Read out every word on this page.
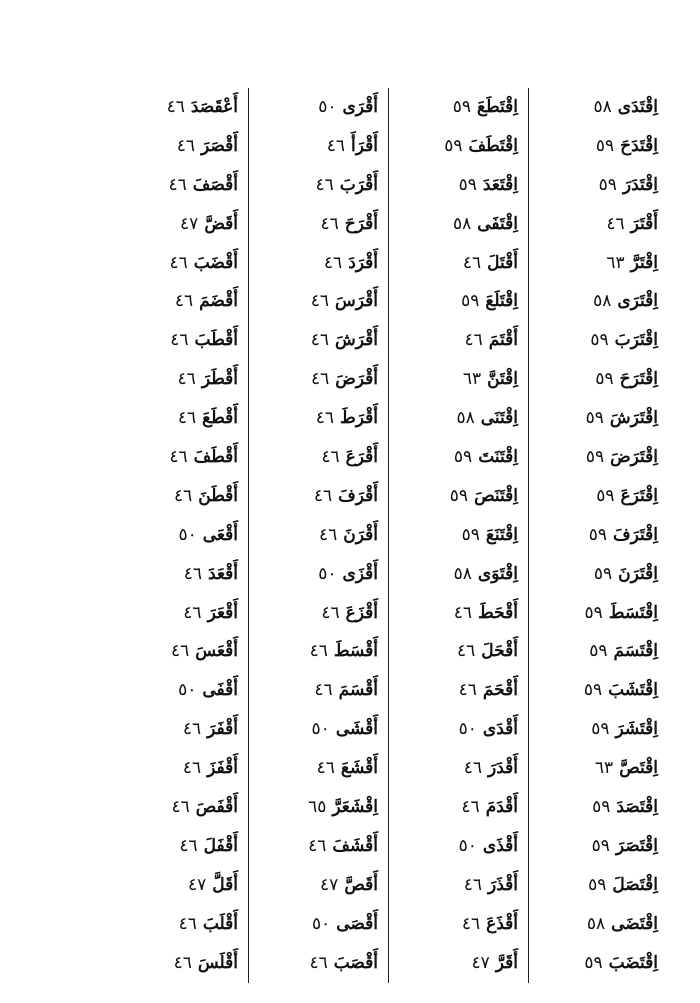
اِقْتَدَى
٥٨
اِقْتَدَحَ
٥٩
اِقْتَدَرَ
٥٩
أَقْتَرَ
٤٦
اِقْتَرَّ
٦٣
اِقْتَرَى
٥٨
اِقْتَرَبَ
٥٩
اِقْتَرَحَ
٥٩
اِقْتَرَشَ
٥٩
اِقْتَرَضَ
٥٩
اِقْتَرَعَ
٥٩
اِقْتَرَفَ
٥٩
اِقْتَرَنَ
٥٩
اِقْتَسَطَ
٥٩
اِقْتَسَمَ
٥٩
اِقْتَشَبَ
٥٩
اِقْتَشَرَ
٥٩
اِقْتَصَّ
٦٣
اِقْتَصَدَ
٥٩
اِقْتَصَرَ
٥٩
اِقْتَصَلَ
٥٩
اِقْتَضَى
٥٨
اِقْتَضَبَ
٥٩
اِقْتَطَعَ
٥٩
اِقْتَطَفَ
٥٩
اِقْتَعَدَ
٥٩
اِقْتَفَى
٥٨
أَقْتَلَ
٤٦
اِقْتَلَعَ
٥٩
أَقْتَمَ
٤٦
اِقْتَنَّ
٦٣
اِقْتَنَى
٥٨
اِقْتَنَتَ
٥٩
اِقْتَنَصَ
٥٩
اِقْتَنَعَ
٥٩
اِقْتَوَى
٥٨
أَقْحَطَ
٤٦
أَقْحَلَ
٤٦
أَقْحَمَ
٤٦
أَقْدَى
٥٠
أَقْدَرَ
٤٦
أَقْدَمَ
٤٦
أَقْذَى
٥٠
أَقْذَرَ
٤٦
أَقْذَعَ
٤٦
أَقَرَّ
٤٧
أَقْرَى
٥٠
أَقْرَأَ
٤٦
أَقْرَبَ
٤٦
أَقْرَحَ
٤٦
أَقْرَدَ
٤٦
أَقْرَسَ
٤٦
أَقْرَشَ
٤٦
أَقْرَضَ
٤٦
أَقْرَطَ
٤٦
أَقْرَعَ
٤٦
أَقْرَفَ
٤٦
أَقْرَنَ
٤٦
أَقْزَى
٥٠
أَقْزَعَ
٤٦
أَقْسَطَ
٤٦
أَقْسَمَ
٤٦
أَقْشَى
٥٠
أَقْشَعَ
٤٦
اِقْشَعَرَّ
٦٥
أَقْشَفَ
٤٦
أَقَصَّ
٤٧
أَقْصَى
٥٠
أَقْصَبَ
٤٦
أَعْقَصَدَ
٤٦
أَقْصَرَ
٤٦
أَقْصَفَ
٤٦
أَقَضَّ
٤٧
أَقْضَبَ
٤٦
أَقْضَمَ
٤٦
أَقْطَبَ
٤٦
أَقْطَرَ
٤٦
أَقْطَعَ
٤٦
أَقْطَفَ
٤٦
أَقْطَنَ
٤٦
أَقْعَى
٥٠
أَقْعَدَ
٤٦
أَقْعَرَ
٤٦
أَقْعَسَ
٤٦
أَقْفَى
٥٠
أَقْفَرَ
٤٦
أَقْفَزَ
٤٦
أَقْفَصَ
٤٦
أَقْفَلَ
٤٦
أَقَلَّ
٤٧
أَقْلَبَ
٤٦
أَقْلَسَ
٤٦
